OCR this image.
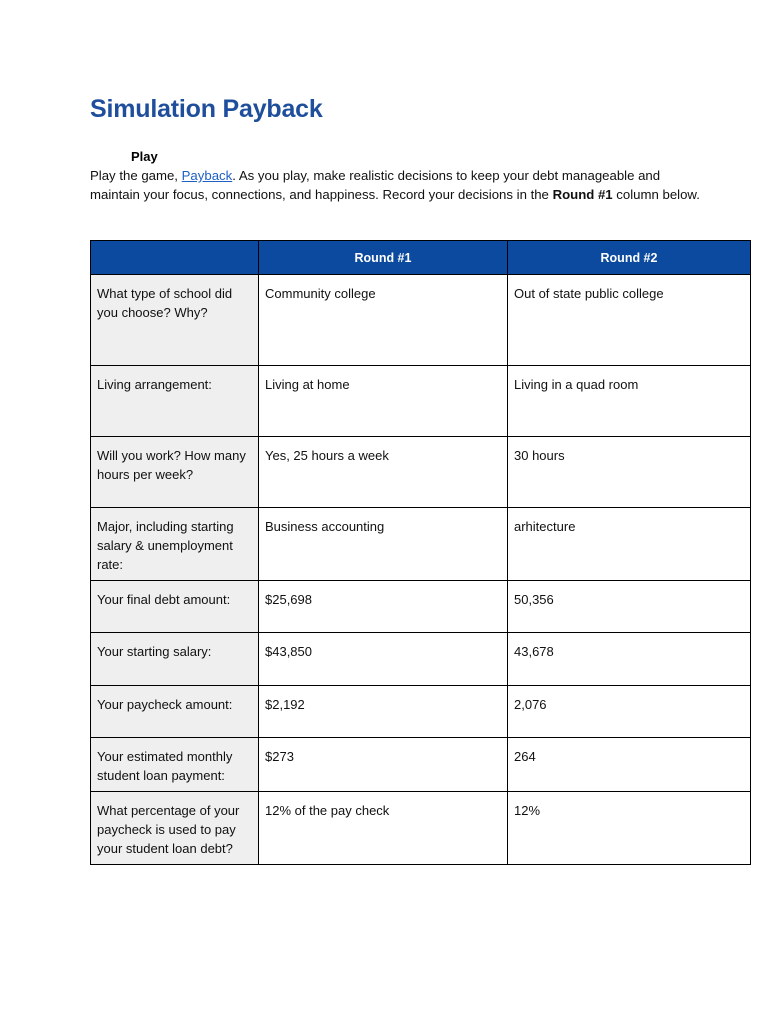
Simulation Payback
Play

Play the game, Payback. As you play, make realistic decisions to keep your debt manageable and maintain your focus, connections, and happiness. Record your decisions in the Round #1 column below.

	Round #1	Round #2
What type of school did you choose? Why?	Community college	Out of state public college
Living arrangement:	Living at home	Living in a quad room
Will you work? How many hours per week?	Yes, 25 hours a week	30 hours
Major, including starting salary & unemployment rate:	Business accounting	arhitecture
Your final debt amount:	$25,698	50,356
Your starting salary:	$43,850	43,678
Your paycheck amount:	$2,192	2,076
Your estimated monthly student loan payment:	$273	264
What percentage of your paycheck is used to pay your student loan debt?	12% of the pay check	12%
